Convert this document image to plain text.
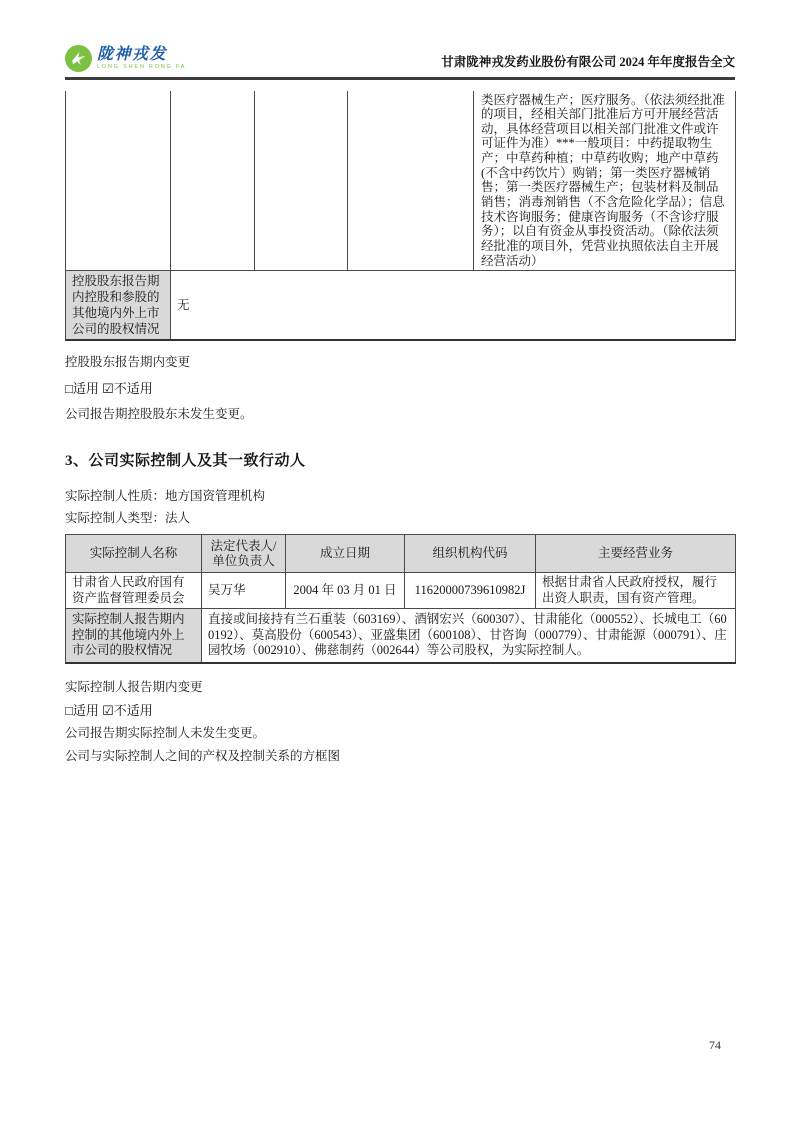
陇神戎发
LONG SHEN RONG FA	甘肃陇神戎发药业股份有限公司 2024 年年度报告全文
				类医疗器械生产；医疗服务。（依法须经批准的项目，经相关部门批准后方可开展经营活动，具体经营项目以相关部门批准文件或许可证件为准）***一般项目：中药提取物生产；中草药种植；中草药收购；地产中草药(不含中药饮片）购销；第一类医疗器械销售；第一类医疗器械生产；包装材料及制品销售；消毒剂销售（不含危险化学品）；信息技术咨询服务；健康咨询服务（不含诊疗服务）；以自有资金从事投资活动。（除依法须经批准的项目外，凭营业执照依法自主开展经营活动）
控股股东报告期内控股和参股的其他境内外上市公司的股权情况	无			

控股股东报告期内变更

□适用 ☑不适用

公司报告期控股股东未发生变更。

3、公司实际控制人及其一致行动人

实际控制人性质：地方国资管理机构

实际控制人类型：法人

实际控制人名称	法定代表人/单位负责人	成立日期	组织机构代码	主要经营业务
甘肃省人民政府国有资产监督管理委员会	吴万华	2004 年 03 月 01 日	11620000739610982J	根据甘肃省人民政府授权，履行出资人职责，国有资产管理。
实际控制人报告期内控制的其他境内外上市公司的股权情况	直接或间接持有兰石重装（603169）、酒钢宏兴（600307）、甘肃能化（000552）、长城电工（600192）、莫高股份（600543）、亚盛集团（600108）、甘咨询（000779）、甘肃能源（000791）、庄园牧场（002910）、佛慈制药（002644）等公司股权，为实际控制人。			

实际控制人报告期内变更

□适用 ☑不适用

公司报告期实际控制人未发生变更。

公司与实际控制人之间的产权及控制关系的方框图

74
